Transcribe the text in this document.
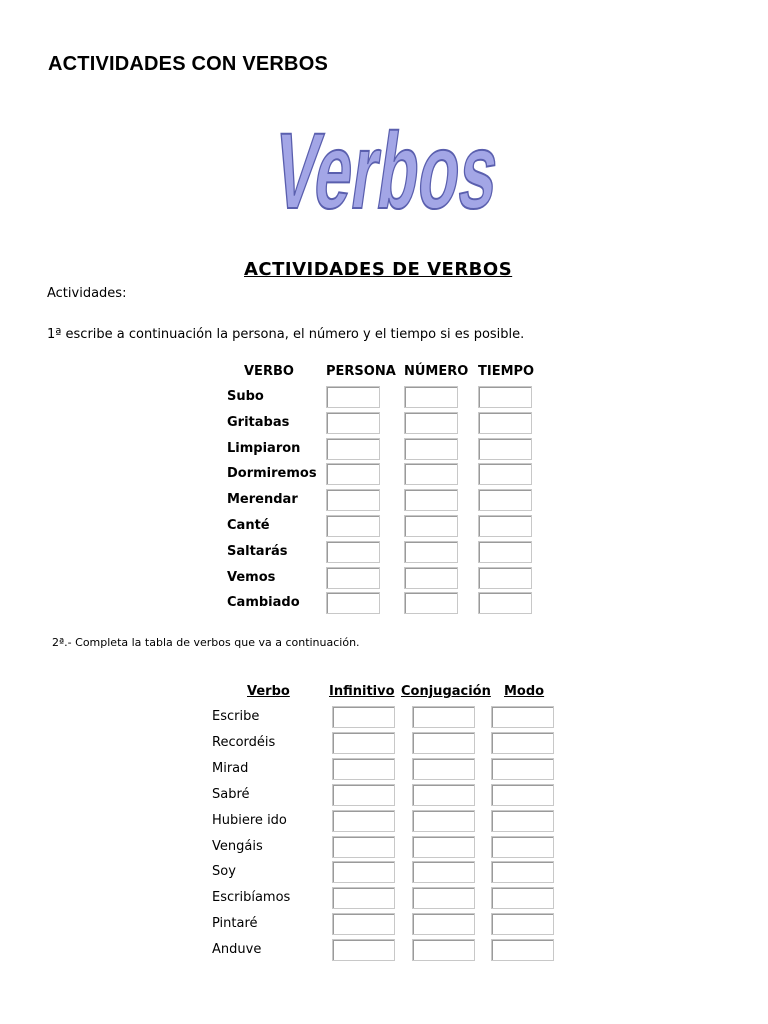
ACTIVIDADES CON VERBOS
Verbos
ACTIVIDADES DE VERBOS
Actividades:
1ª escribe a continuación la persona, el número y el tiempo si es posible.
VERBO PERSONA NÚMERO TIEMPO
Subo
Gritabas
Limpiaron
Dormiremos
Merendar
Canté
Saltarás
Vemos
Cambiado
2ª.- Completa la tabla de verbos que va a continuación.
Verbo	Infinitivo Conjugación Modo
Escribe
Recordéis
Mirad
Sabré
Hubiere ido
Vengáis
Soy
Escribíamos
Pintaré
Anduve
